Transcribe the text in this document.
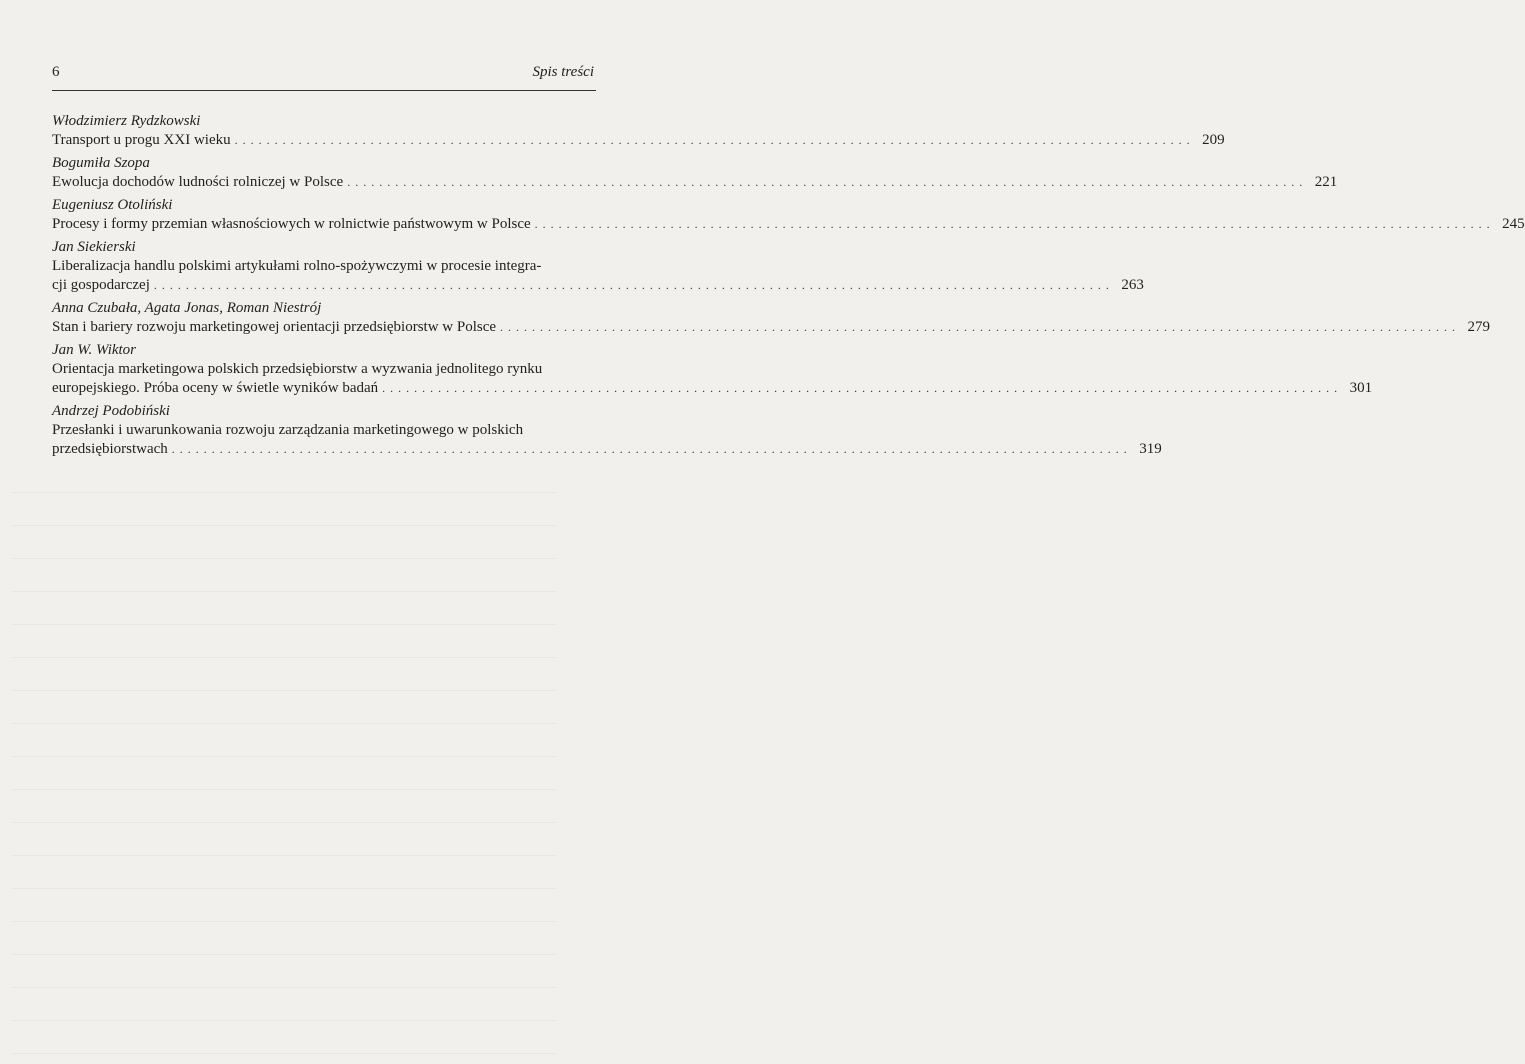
6	Spis treści
Włodzimierz Rydzkowski
Transport u progu XXI wieku . . . . . . . . . . . . . . . . . . . . . . . . . . . . . . . . . . . . . . . . . . . . . . . . . . . . . . . . . . . . . . . . . . . . . . . . . . . . . . . . . . . . . . . . . . . . . . . . . . . . . . . . . . . . . . . . . . . . . . . . 209
Bogumiła Szopa
Ewolucja dochodów ludności rolniczej w Polsce . . . . . . . . . . . . . . . . . . . . . . . . . . . . . . . . . . . . . . . . . . . . . . . . . . . . . . . . . . . . . . . . . . . . . . . . . . . . . . . . . . . . . . . . . . . . . . . . . . . . . . . . . . . . . . . . . . . . . . . . 221
Eugeniusz Otoliński
Procesy i formy przemian własnościowych w rolnictwie państwowym w Polsce . . . . . . . . . . . . . . . . . . . . . . . . . . . . . . . . . . . . . . . . . . . . . . . . . . . . . . . . . . . . . . . . . . . . . . . . . . . . . . . . . . . . . . . . . . . . . . . . . . . . . . . . . . . . . . . . . . . . . . . . 245
Jan Siekierski
Liberalizacja handlu polskimi artykułami rolno-spożywczymi w procesie integra-
cji gospodarczej . . . . . . . . . . . . . . . . . . . . . . . . . . . . . . . . . . . . . . . . . . . . . . . . . . . . . . . . . . . . . . . . . . . . . . . . . . . . . . . . . . . . . . . . . . . . . . . . . . . . . . . . . . . . . . . . . . . . . . . . 263
Anna Czubała, Agata Jonas, Roman Niestrój
Stan i bariery rozwoju marketingowej orientacji przedsiębiorstw w Polsce . . . . . . . . . . . . . . . . . . . . . . . . . . . . . . . . . . . . . . . . . . . . . . . . . . . . . . . . . . . . . . . . . . . . . . . . . . . . . . . . . . . . . . . . . . . . . . . . . . . . . . . . . . . . . . . . . . . . . . . . 279
Jan W. Wiktor
Orientacja marketingowa polskich przedsiębiorstw a wyzwania jednolitego rynku
europejskiego. Próba oceny w świetle wyników badań . . . . . . . . . . . . . . . . . . . . . . . . . . . . . . . . . . . . . . . . . . . . . . . . . . . . . . . . . . . . . . . . . . . . . . . . . . . . . . . . . . . . . . . . . . . . . . . . . . . . . . . . . . . . . . . . . . . . . . . . 301
Andrzej Podobiński
Przesłanki i uwarunkowania rozwoju zarządzania marketingowego w polskich
przedsiębiorstwach . . . . . . . . . . . . . . . . . . . . . . . . . . . . . . . . . . . . . . . . . . . . . . . . . . . . . . . . . . . . . . . . . . . . . . . . . . . . . . . . . . . . . . . . . . . . . . . . . . . . . . . . . . . . . . . . . . . . . . . . 319
